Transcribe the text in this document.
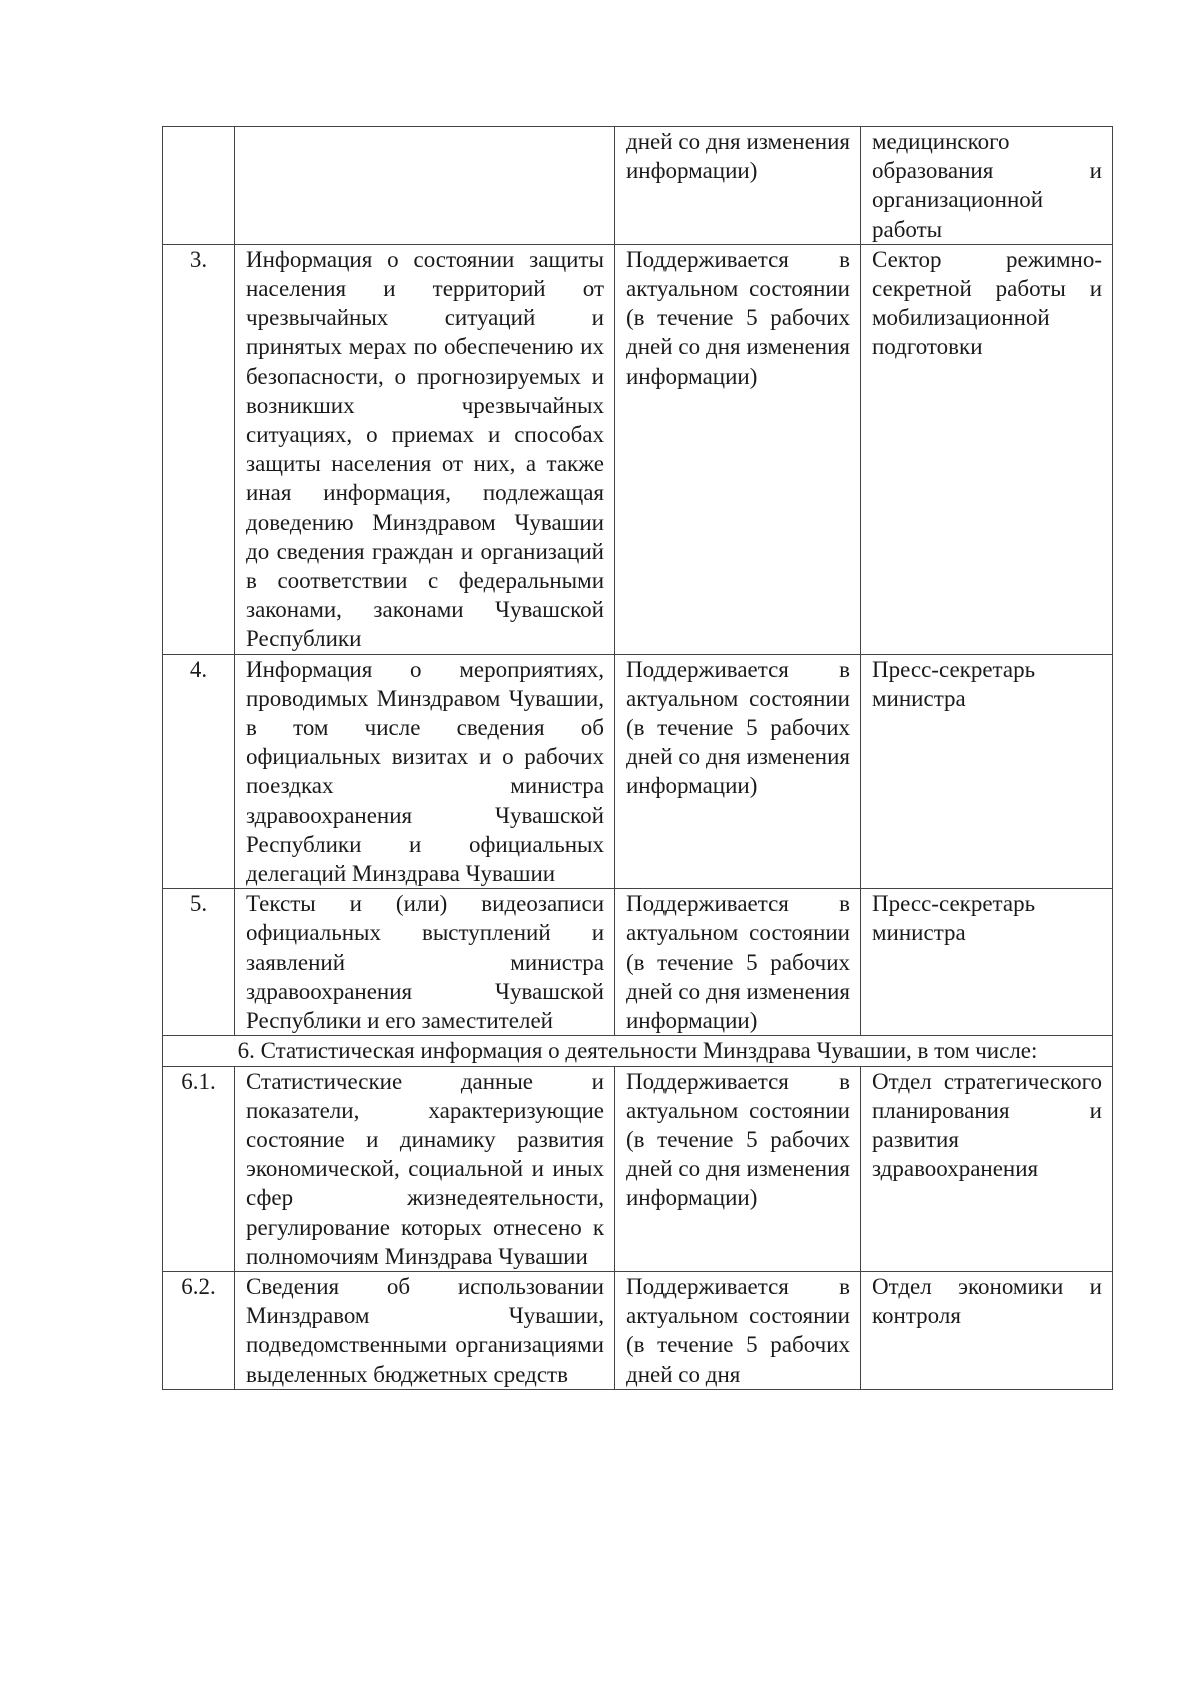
		дней со дня изменения информации)	медицинского образования и организационной работы
3.	Информация о состоянии защиты населения и территорий от чрезвычайных ситуаций и принятых мерах по обеспечению их безопасности, о прогнозируемых и возникших чрезвычайных ситуациях, о приемах и способах защиты населения от них, а также иная информация, подлежащая доведению Минздравом Чувашии до сведения граждан и организаций в соответствии с федеральными законами, законами Чувашской Республики	Поддерживается в актуальном состоянии (в течение 5 рабочих дней со дня изменения информации)	Сектор режимно-секретной работы и мобилизационной подготовки
4.	Информация о мероприятиях, проводимых Минздравом Чувашии, в том числе сведения об официальных визитах и о рабочих поездках министра здравоохранения Чувашской Республики и официальных делегаций Минздрава Чувашии	Поддерживается в актуальном состоянии (в течение 5 рабочих дней со дня изменения информации)	Пресс-секретарь министра
5.	Тексты и (или) видеозаписи официальных выступлений и заявлений министра здравоохранения Чувашской Республики и его заместителей	Поддерживается в актуальном состоянии (в течение 5 рабочих дней со дня изменения информации)	Пресс-секретарь министра
6. Статистическая информация о деятельности Минздрава Чувашии, в том числе:			
6.1.	Статистические данные и показатели, характеризующие состояние и динамику развития экономической, социальной и иных сфер жизнедеятельности, регулирование которых отнесено к полномочиям Минздрава Чувашии	Поддерживается в актуальном состоянии (в течение 5 рабочих дней со дня изменения информации)	Отдел стратегического планирования и развития здравоохранения
6.2.	Сведения об использовании Минздравом Чувашии, подведомственными организациями выделенных бюджетных средств	Поддерживается в актуальном состоянии (в течение 5 рабочих дней со дня	Отдел экономики и контроля
